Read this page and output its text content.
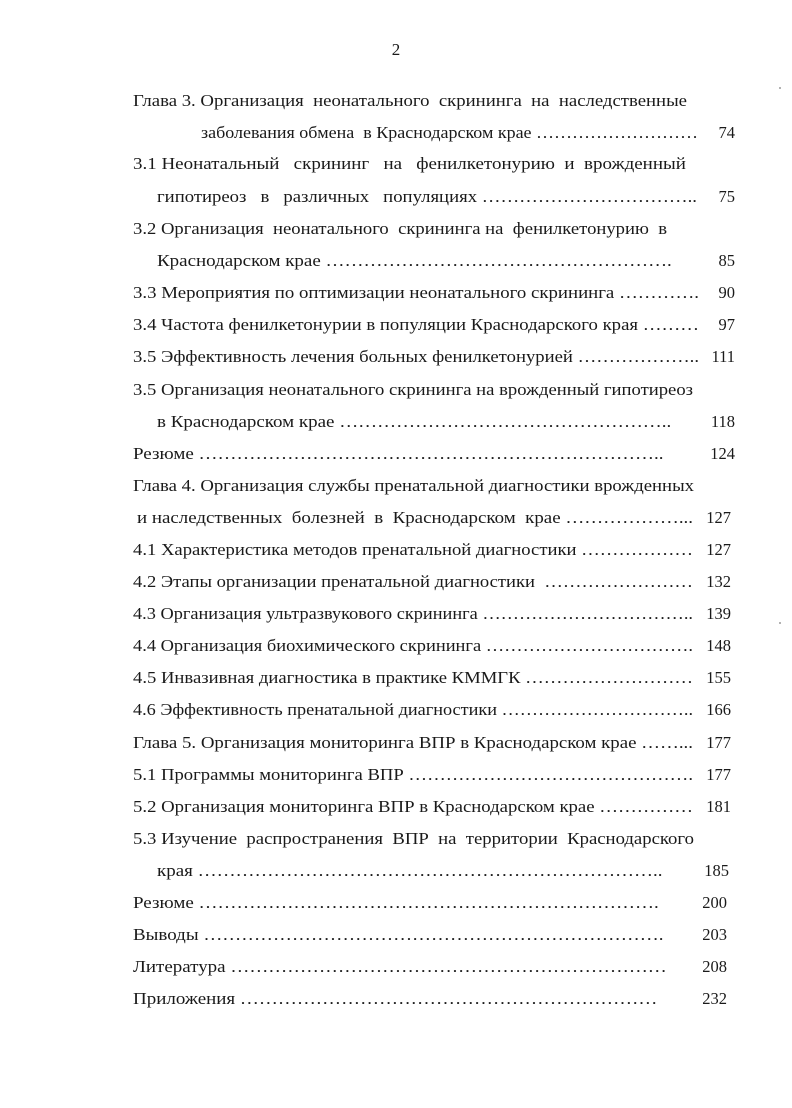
2
Глава 3. Организация  неонатального  скрининга  на  наследственные
заболевания обмена  в Краснодарском крае ………………………	74
3.1 Неонатальный   скрининг   на   фенилкетонурию  и  врожденный
гипотиреоз   в   различных   популяциях ……………………………..	75
3.2 Организация  неонатального  скрининга на  фенилкетонурию  в
Краснодарском крае ……………………………………………….	85
3.3 Мероприятия по оптимизации неонатального скрининга ………….	90
3.4 Частота фенилкетонурии в популяции Краснодарского края ………	97
3.5 Эффективность лечения больных фенилкетонурией ……………….. 111
3.5 Организация неонатального скрининга на врожденный гипотиреоз
в Краснодарском крае ……………………………………………..	118
Резюме ………………………………………………………………..	124
Глава 4. Организация службы пренатальной диагностики врожденных
и наследственных  болезней  в  Краснодарском  крае ………………... 127
4.1 Характеристика методов пренатальной диагностики ……………… 127
4.2 Этапы организации пренатальной диагностики  …………………… 132
4.3 Организация ультразвукового скрининга …………………………….. 139
4.4 Организация биохимического скрининга ……………………………. 148
4.5 Инвазивная диагностика в практике КММГК ……………………… 155
4.6 Эффективность пренатальной диагностики ………………………….. 166
Глава 5. Организация мониторинга ВПР в Краснодарском крае ……... 177
5.1 Программы мониторинга ВПР ………………………………………. 177
5.2 Организация мониторинга ВПР в Краснодарском крае …………… 181
5.3 Изучение  распространения  ВПР  на  территории  Краснодарского
края ………………………………………………………………..	185
Резюме ……………………………………………………………….	200
Выводы ……………………………………………………………….	203
Литература ……………………………………………………………	208
Приложения …………………………………………………………	232
